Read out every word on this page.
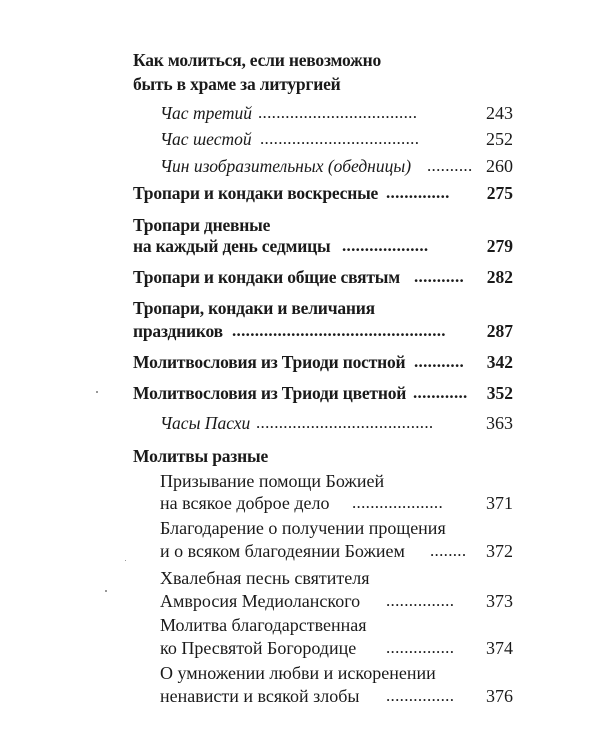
Как молиться, если невозможно
быть в храме за литургией
Час третий ...................................	243
Час шестой ...................................	252
Чин изобразительных (обедницы) .......... 260
Тропари и кондаки воскресные ..............	275
Тропари дневные
на каждый день седмицы ...................	279
Тропари и кондаки общие святым ...........	282
Тропари, кондаки и величания
праздников ...............................................	287
Молитвословия из Триоди постной ...........	342
Молитвословия из Триоди цветной ............	352
Часы Пасхи .......................................	363
Молитвы разные
Призывание помощи Божией
на всякое доброе дело ....................	371
Благодарение о получении прощения
и о всяком благодеянии Божием ........	372
Хвалебная песнь святителя
Амвросия Медиоланского ...............	373
Молитва благодарственная
ко Пресвятой Богородице ...............	374
О умножении любви и искоренении
ненависти и всякой злобы ...............	376
